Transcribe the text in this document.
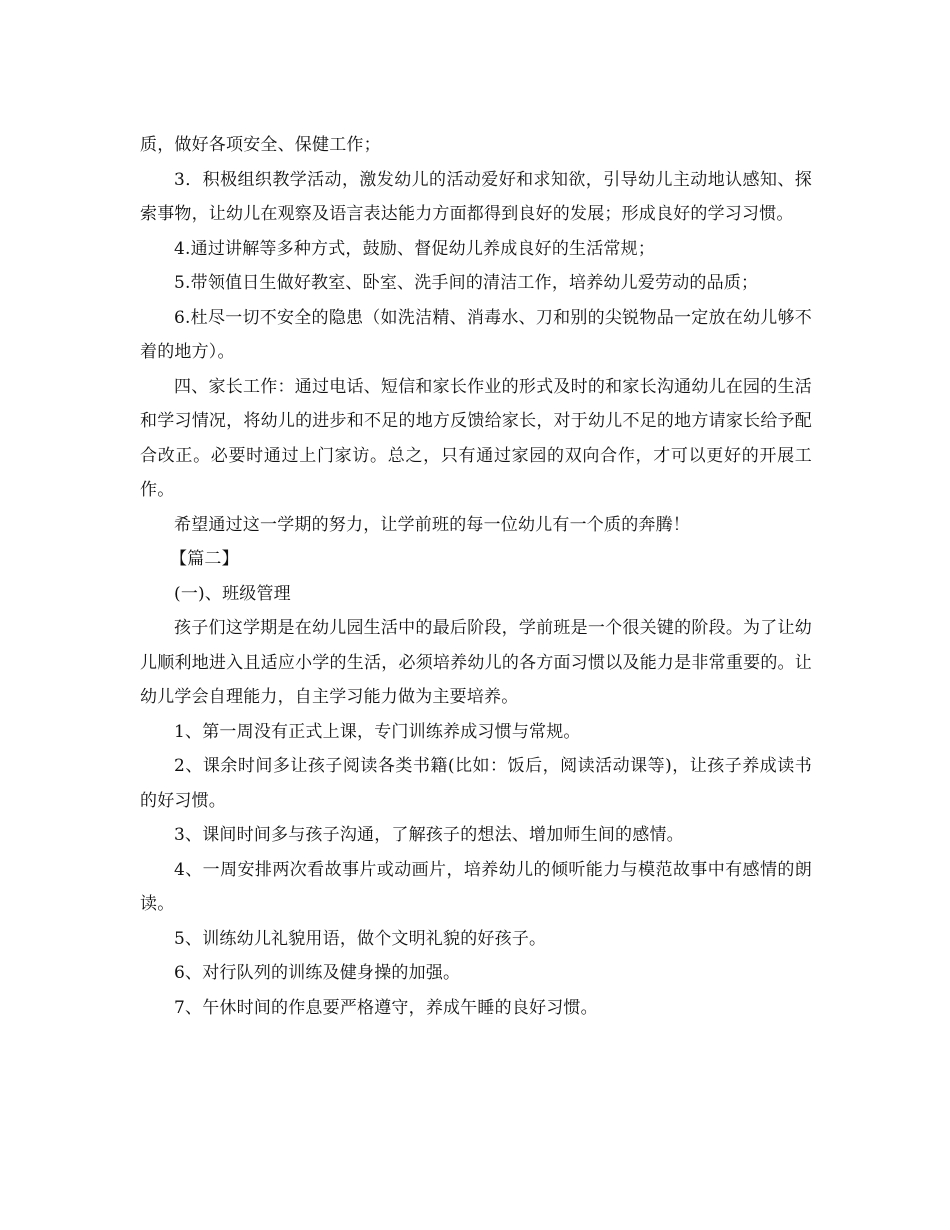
质，做好各项安全、保健工作；

3．积极组织教学活动，激发幼儿的活动爱好和求知欲，引导幼儿主动地认感知、探索事物，让幼儿在观察及语言表达能力方面都得到良好的发展；形成良好的学习习惯。

4.通过讲解等多种方式，鼓励、督促幼儿养成良好的生活常规；

5.带领值日生做好教室、卧室、洗手间的清洁工作，培养幼儿爱劳动的品质；

6.杜尽一切不安全的隐患（如洗洁精、消毒水、刀和别的尖锐物品一定放在幼儿够不着的地方）。

四、家长工作：通过电话、短信和家长作业的形式及时的和家长沟通幼儿在园的生活和学习情况，将幼儿的进步和不足的地方反馈给家长，对于幼儿不足的地方请家长给予配合改正。必要时通过上门家访。总之，只有通过家园的双向合作，才可以更好的开展工作。

希望通过这一学期的努力，让学前班的每一位幼儿有一个质的奔腾！

【篇二】

(一)、班级管理

孩子们这学期是在幼儿园生活中的最后阶段，学前班是一个很关键的阶段。为了让幼儿顺利地进入且适应小学的生活，必须培养幼儿的各方面习惯以及能力是非常重要的。让幼儿学会自理能力，自主学习能力做为主要培养。

1、第一周没有正式上课，专门训练养成习惯与常规。

2、课余时间多让孩子阅读各类书籍(比如：饭后，阅读活动课等)，让孩子养成读书的好习惯。

3、课间时间多与孩子沟通，了解孩子的想法、增加师生间的感情。

4、一周安排两次看故事片或动画片，培养幼儿的倾听能力与模范故事中有感情的朗读。

5、训练幼儿礼貌用语，做个文明礼貌的好孩子。

6、对行队列的训练及健身操的加强。

7、午休时间的作息要严格遵守，养成午睡的良好习惯。
